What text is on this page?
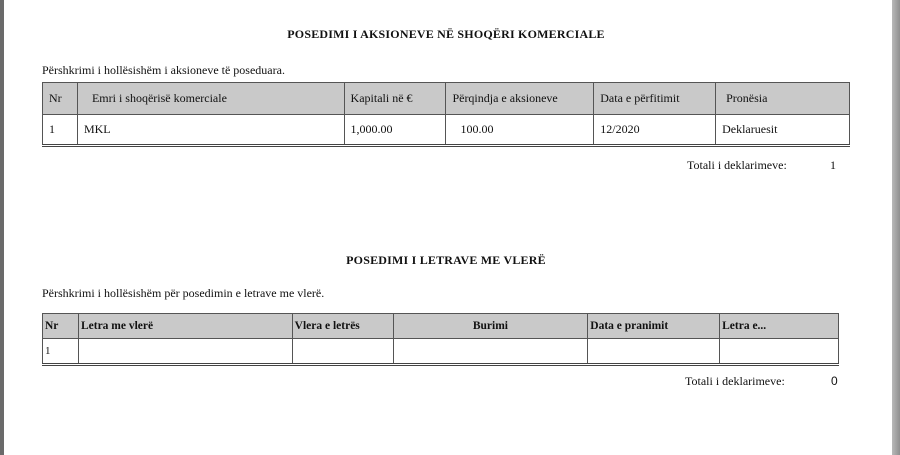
POSEDIMI I AKSIONEVE NË SHOQËRI KOMERCIALE
Përshkrimi i hollësishëm i aksioneve të poseduara.
Nr	Emri i shoqërisë komerciale	Kapitali në €	Përqindja e aksioneve	Data e përfitimit	Pronësia
1	MKL	1,000.00	100.00	12/2020	Deklaruesit
Totali i deklarimeve:	1
POSEDIMI I LETRAVE ME VLERË
Përshkrimi i hollësishëm për posedimin e letrave me vlerë.
Nr	Letra me vlerë	Vlera e letrës	Burimi	Data e pranimit	Letra e...
1					
Totali i deklarimeve:	0
